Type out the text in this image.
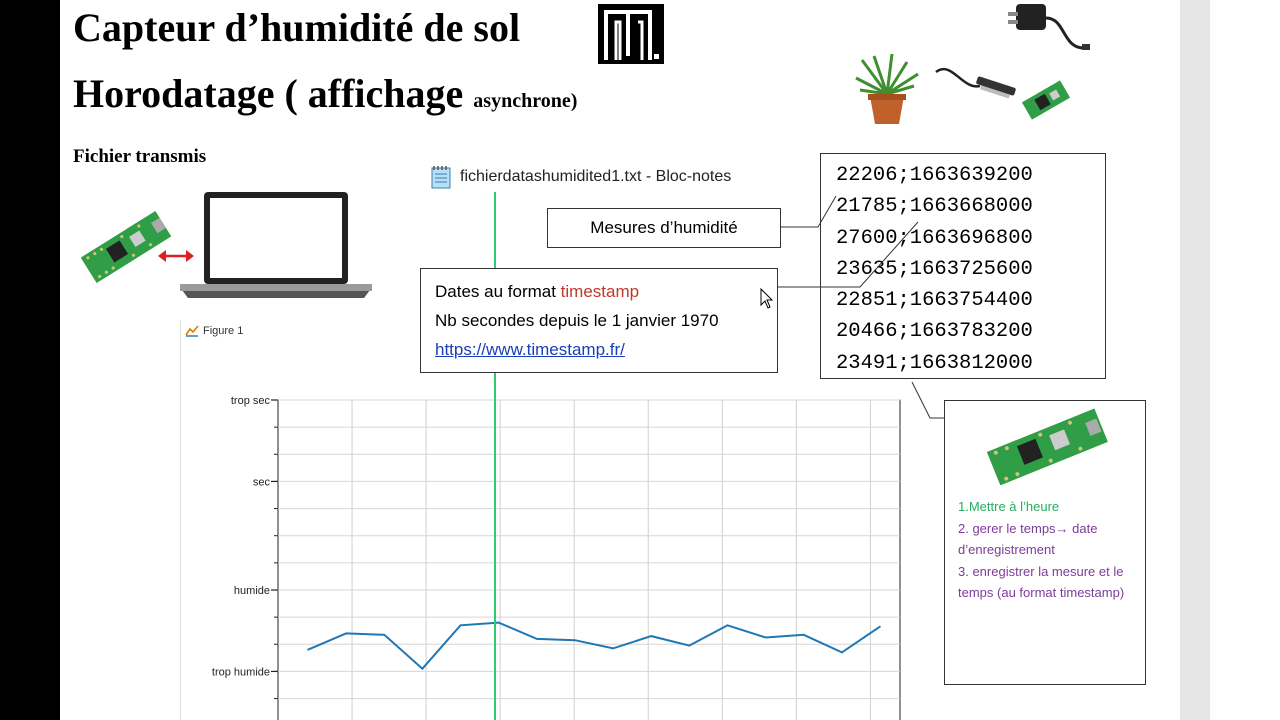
Capteur d’humidité de sol
Horodatage ( affichage asynchrone)
Fichier transmis
fichierdatashumidited1.txt - Bloc-notes
trop sec
sec
humide
trop humide
Figure 1
22206;1663639200
21785;1663668000
27600;1663696800
23635;1663725600
22851;1663754400
20466;1663783200
23491;1663812000
Mesures d’humidité
Dates au format timestamp
Nb secondes depuis le 1 janvier 1970
https://www.timestamp.fr/
1.Mettre à l’heure
2. gerer le temps→ date d’enregistrement
3. enregistrer la mesure et le temps (au format timestamp)
